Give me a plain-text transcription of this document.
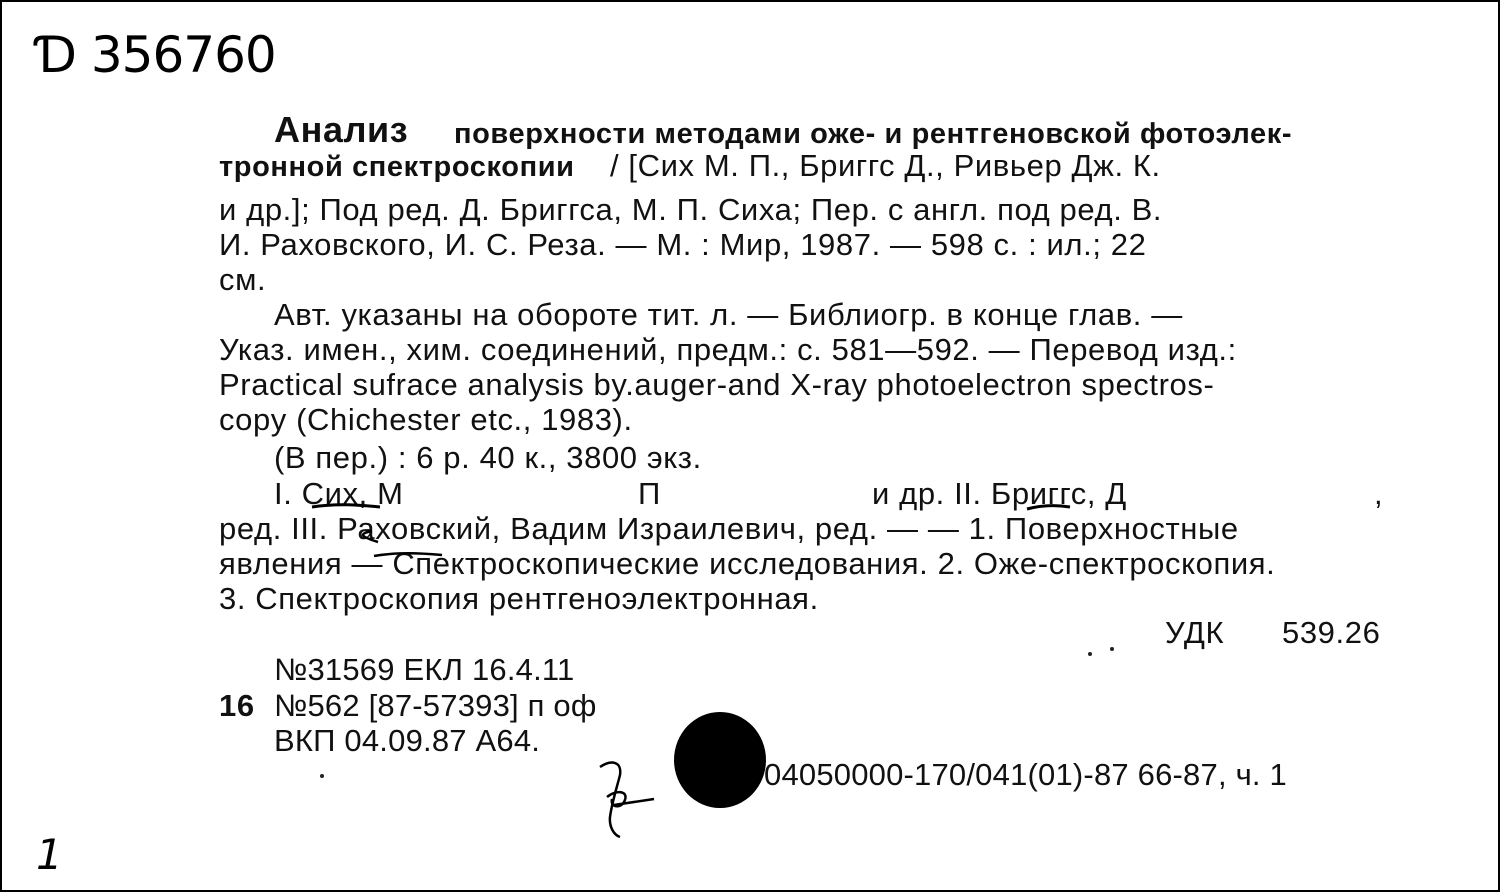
Ɗ 356760
Анализ поверхности методами оже- и рентгеновской фотоэлек-
тронной спектроскопии / [Сих М. П., Бриггс Д., Ривьер Дж. К.
и др.]; Под ред. Д. Бриггса, М. П. Сиха; Пер. с англ. под ред. В.
И. Раховского, И. С. Реза. — М. : Мир, 1987. — 598 с. : ил.; 22
см.
Авт. указаны на обороте тит. л. — Библиогр. в конце глав. —
Указ. имен., хим. соединений, предм.: с. 581—592. — Перевод изд.:
Practical sufrace analysis by.auger-and X-ray photoelectron spectros-
copy (Chichester etc., 1983).
(В пер.) : 6 р. 40 к., 3800 экз.
I. Сих, М	П	и др. II. Бриггс, Д	,
ред. III. Раховский, Вадим Израилевич, ред. — — 1. Поверхностные
явления — Спектроскопические исследования. 2. Оже-спектроскопия.
3. Спектроскопия рентгеноэлектронная.
УДК 539.26
№31569 ЕКЛ 16.4.11
16 №562 [87-57393] п оф
ВКП 04.09.87 А64.
04050000-170/041(01)-87 66-87, ч. 1
1
